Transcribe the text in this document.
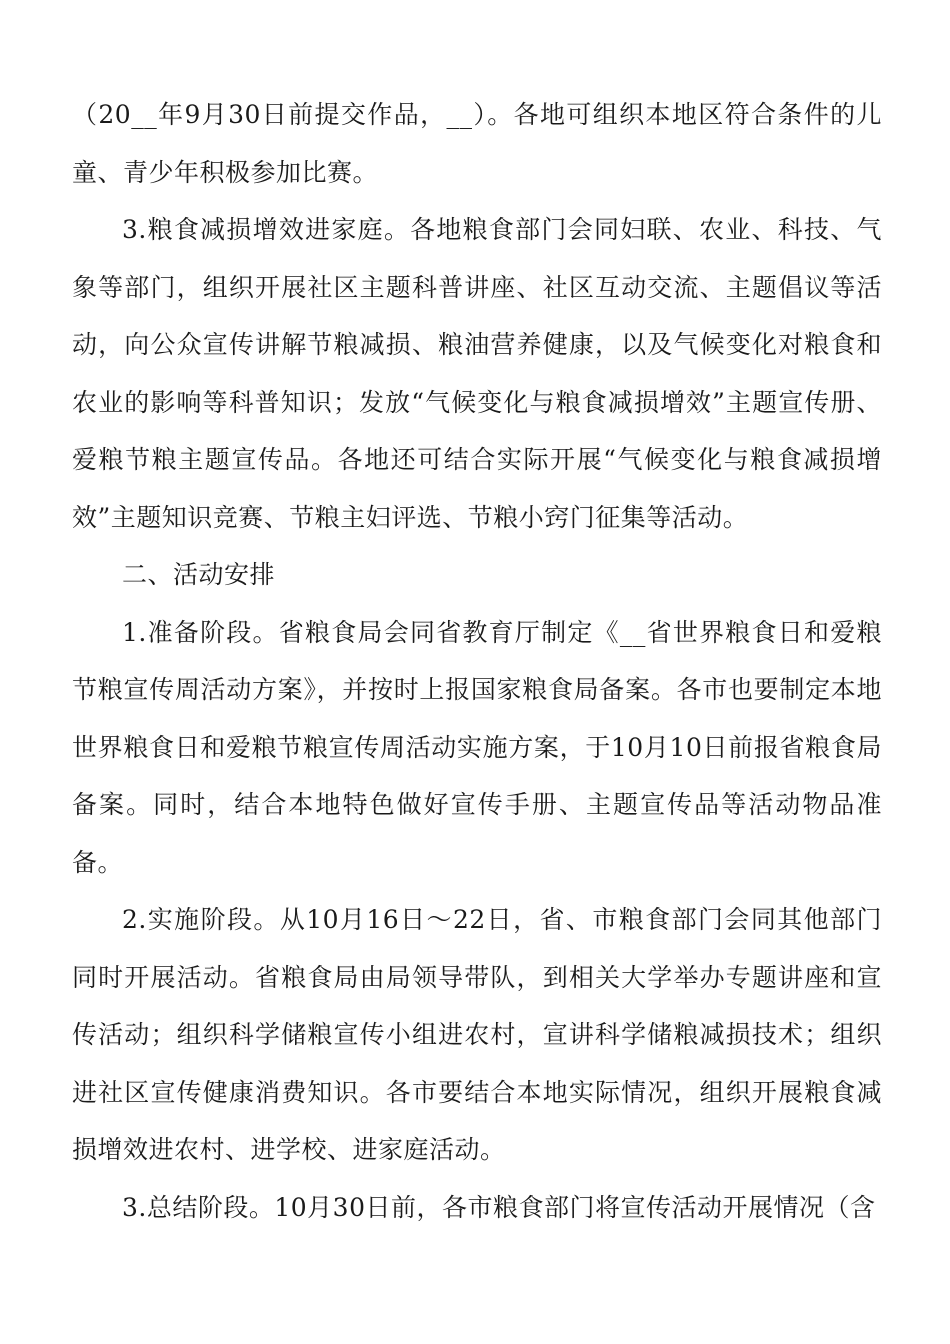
（20__年9月30日前提交作品，__）。各地可组织本地区符合条件的儿童、青少年积极参加比赛。

3.粮食减损增效进家庭。各地粮食部门会同妇联、农业、科技、气象等部门，组织开展社区主题科普讲座、社区互动交流、主题倡议等活动，向公众宣传讲解节粮减损、粮油营养健康，以及气候变化对粮食和农业的影响等科普知识；发放“气候变化与粮食减损增效”主题宣传册、爱粮节粮主题宣传品。各地还可结合实际开展“气候变化与粮食减损增效”主题知识竞赛、节粮主妇评选、节粮小窍门征集等活动。

二、活动安排

1.准备阶段。省粮食局会同省教育厅制定《__省世界粮食日和爱粮节粮宣传周活动方案》，并按时上报国家粮食局备案。各市也要制定本地世界粮食日和爱粮节粮宣传周活动实施方案，于10月10日前报省粮食局备案。同时，结合本地特色做好宣传手册、主题宣传品等活动物品准备。

2.实施阶段。从10月16日～22日，省、市粮食部门会同其他部门同时开展活动。省粮食局由局领导带队，到相关大学举办专题讲座和宣传活动；组织科学储粮宣传小组进农村，宣讲科学储粮减损技术；组织进社区宣传健康消费知识。各市要结合本地实际情况，组织开展粮食减损增效进农村、进学校、进家庭活动。

3.总结阶段。10月30日前，各市粮食部门将宣传活动开展情况（含
